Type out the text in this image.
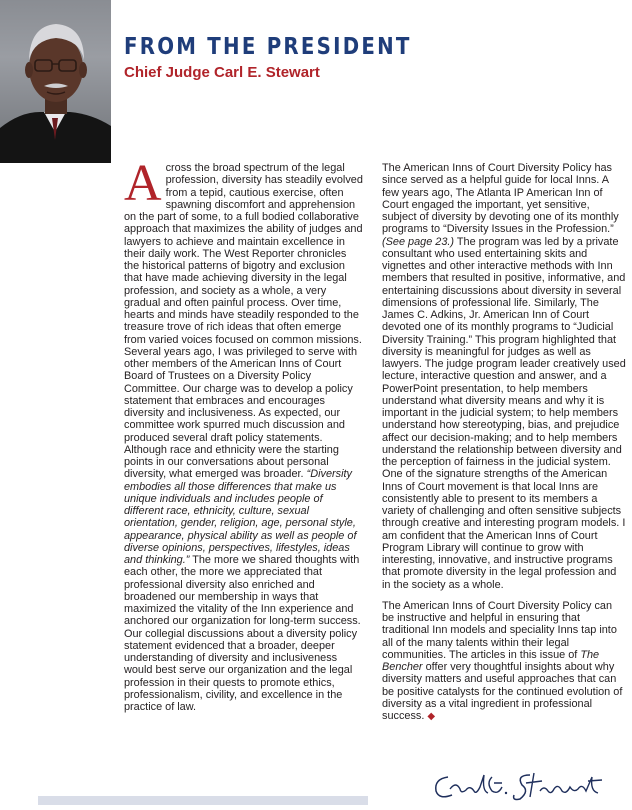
FROM THE PRESIDENT
Chief Judge Carl E. Stewart

Across the broad spectrum of the legal profession, diversity has steadily evolved from a tepid, cautious exercise, often spawning discomfort and apprehension on the part of some, to a full bodied collaborative approach that maximizes the ability of judges and lawyers to achieve and maintain excellence in their daily work. The West Reporter chronicles the historical patterns of bigotry and exclusion that have made achieving diversity in the legal profession, and society as a whole, a very gradual and often painful process. Over time, hearts and minds have steadily responded to the treasure trove of rich ideas that often emerge from varied voices focused on common missions. Several years ago, I was privileged to serve with other members of the American Inns of Court Board of Trustees on a Diversity Policy Committee. Our charge was to develop a policy statement that embraces and encourages diversity and inclusiveness. As expected, our committee work spurred much discussion and produced several draft policy statements. Although race and ethnicity were the starting points in our conversations about personal diversity, what emerged was broader. “Diversity embodies all those differences that make us unique individuals and includes people of different race, ethnicity, culture, sexual orientation, gender, religion, age, personal style, appearance, physical ability as well as people of diverse opinions, perspectives, lifestyles, ideas and thinking.” The more we shared thoughts with each other, the more we appreciated that professional diversity also enriched and broadened our membership in ways that maximized the vitality of the Inn experience and anchored our organization for long-term success. Our collegial discussions about a diversity policy statement evidenced that a broader, deeper understanding of diversity and inclusiveness would best serve our organization and the legal profession in their quests to promote ethics, professionalism, civility, and excellence in the practice of law.

The American Inns of Court Diversity Policy has since served as a helpful guide for local Inns. A few years ago, The Atlanta IP American Inn of Court engaged the important, yet sensitive, subject of diversity by devoting one of its monthly programs to “Diversity Issues in the Profession.” (See page 23.) The program was led by a private consultant who used entertaining skits and vignettes and other interactive methods with Inn members that resulted in positive, informative, and entertaining discussions about diversity in several dimensions of professional life. Similarly, The James C. Adkins, Jr. American Inn of Court devoted one of its monthly programs to “Judicial Diversity Training.” This program highlighted that diversity is meaningful for judges as well as lawyers. The judge program leader creatively used lecture, interactive question and answer, and a PowerPoint presentation, to help members understand what diversity means and why it is important in the judicial system; to help members understand how stereotyping, bias, and prejudice affect our decision-making; and to help members understand the relationship between diversity and the perception of fairness in the judicial system. One of the signature strengths of the American Inns of Court movement is that local Inns are consistently able to present to its members a variety of challenging and often sensitive subjects through creative and interesting program models. I am confident that the American Inns of Court Program Library will continue to grow with interesting, innovative, and instructive programs that promote diversity in the legal profession and in the society as a whole.

The American Inns of Court Diversity Policy can be instructive and helpful in ensuring that traditional Inn models and speciality Inns tap into all of the many talents within their legal communities. The articles in this issue of The Bencher offer very thoughtful insights about why diversity matters and useful approaches that can be positive catalysts for the continued evolution of diversity as a vital ingredient in professional success. ◆
